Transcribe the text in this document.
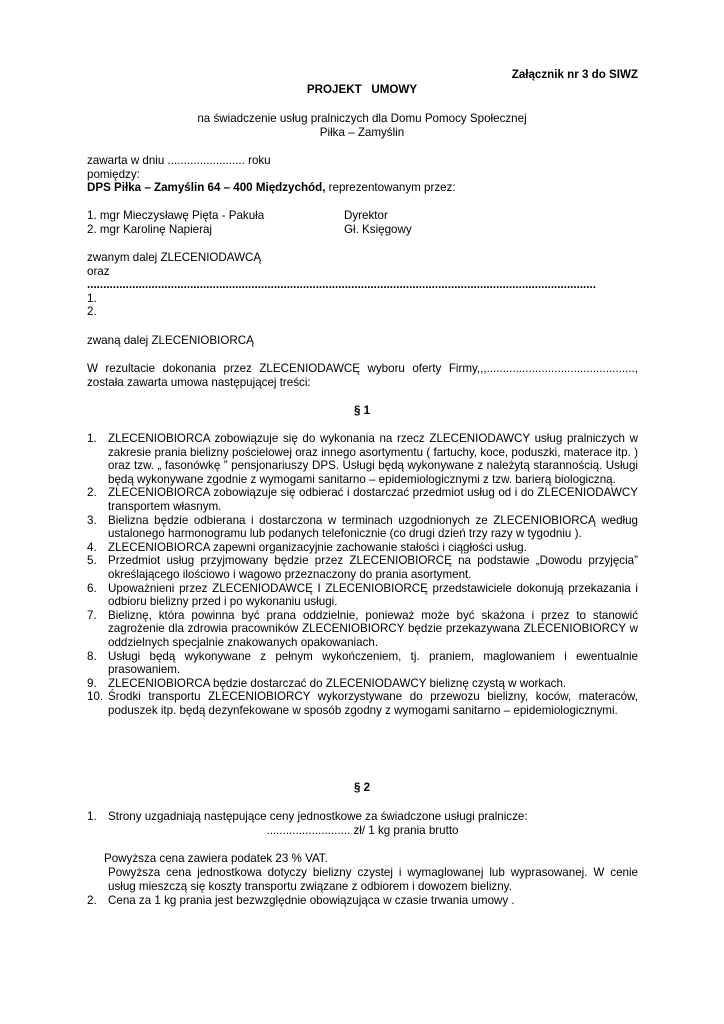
Załącznik nr 3 do SIWZ
PROJEKT   UMOWY
na świadczenie usług pralniczych dla Domu Pomocy Społecznej
Piłka – Zamyślin
zawarta w dniu ........................ roku
pomiędzy:
DPS Piłka – Zamyślin 64 – 400 Międzychód, reprezentowanym przez:
1. mgr Mieczysławę Pięta - Pakuła	Dyrektor
2. mgr Karolinę Napieraj	Gł. Księgowy
zwanym dalej ZLECENIODAWCĄ
oraz
..............................................................................................................................................................
1.
2.
zwaną dalej ZLECENIOBIORCĄ
W rezultacie dokonania przez ZLECENIODAWCĘ wyboru oferty Firmy,,,.............................................., została zawarta umowa następującej treści:
§ 1
1. ZLECENIOBIORCA zobowiązuje się do wykonania na rzecz ZLECENIODAWCY usług pralniczych w zakresie prania bielizny pościelowej oraz innego asortymentu ( fartuchy, koce, poduszki, materace itp. ) oraz tzw. „ fasonówkę ” pensjonariuszy DPS. Usługi będą wykonywane z należytą starannością. Usługi będą wykonywane zgodnie z wymogami sanitarno – epidemiologicznymi z tzw. barierą biologiczną.
2. ZLECENIOBIORCA zobowiązuje się odbierać i dostarczać przedmiot usług od i do ZLECENIODAWCY transportem własnym.
3. Bielizna będzie odbierana i dostarczona w terminach uzgodnionych ze ZLECENIOBIORCĄ według ustalonego harmonogramu lub podanych telefonicznie (co drugi dzień trzy razy w tygodniu ).
4. ZLECENIOBIORCA zapewni organizacyjnie zachowanie stałości i ciągłości usług.
5. Przedmiot usług przyjmowany będzie przez ZLECENIOBIORCĘ na podstawie „Dowodu przyjęcia” określającego ilościowo i wagowo przeznaczony do prania asortyment.
6. Upoważnieni przez ZLECENIODAWCĘ I ZLECENIOBIORCĘ przedstawiciele dokonują przekazania i odbioru bielizny przed i po wykonaniu usługi.
7. Bieliznę, która powinna być prana oddzielnie, ponieważ może być skażona i przez to stanowić zagrożenie dla zdrowia pracowników ZLECENIOBIORCY będzie przekazywana ZLECENIOBIORCY w oddzielnych specjalnie znakowanych opakowaniach.
8. Usługi będą wykonywane z pełnym wykończeniem, tj. praniem, maglowaniem i ewentualnie prasowaniem.
9. ZLECENIOBIORCA będzie dostarczać do ZLECENIODAWCY bieliznę czystą w workach.
10. Środki transportu ZLECENIOBIORCY wykorzystywane do przewozu bielizny, koców, materaców, poduszek itp. będą dezynfekowane w sposób zgodny z wymogami sanitarno – epidemiologicznymi.
§ 2
1. Strony uzgadniają następujące ceny jednostkowe za świadczone usługi pralnicze:
.......................... zł/ 1 kg prania brutto
Powyższa cena zawiera podatek 23 % VAT.
Powyższa cena jednostkowa dotyczy bielizny czystej i wymaglowanej lub wyprasowanej. W cenie usług mieszczą się koszty transportu związane z odbiorem i dowozem bielizny.
2. Cena za 1 kg prania jest bezwzględnie obowiązująca w czasie trwania umowy .
